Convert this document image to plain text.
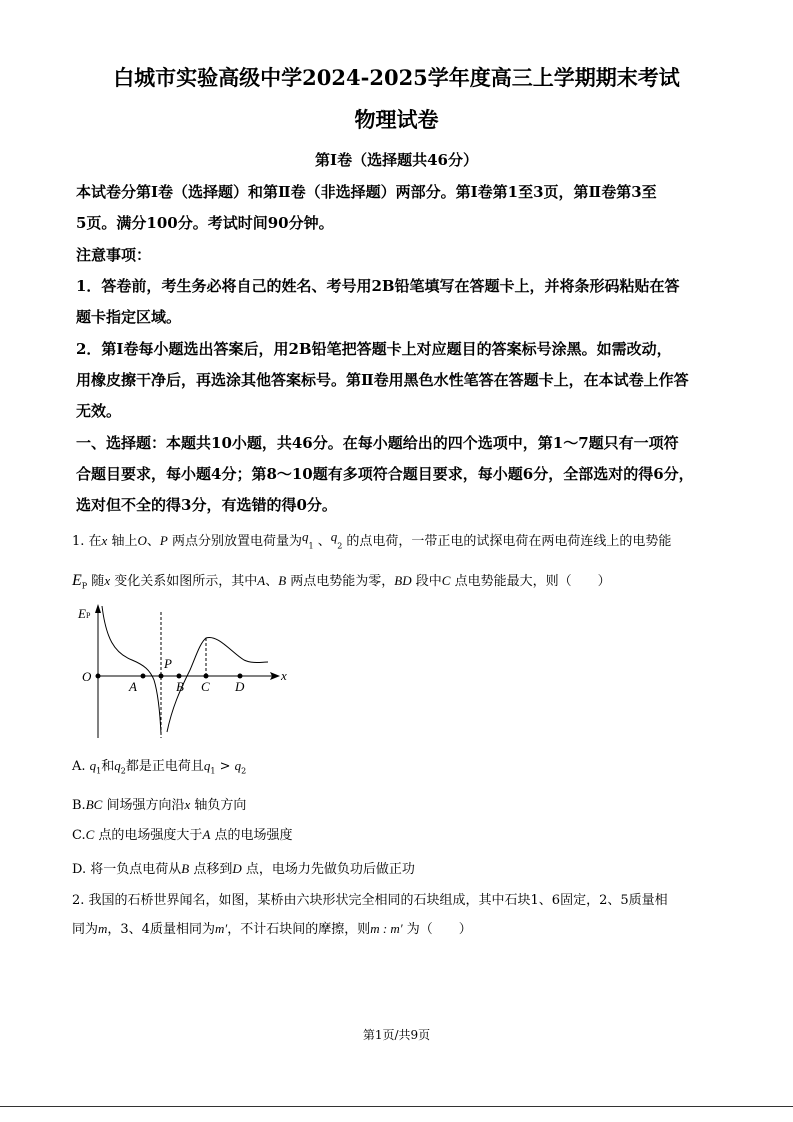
白城市实验高级中学2024-2025学年度高三上学期期末考试
物理试卷
第Ⅰ卷（选择题共46分）
本试卷分第Ⅰ卷（选择题）和第Ⅱ卷（非选择题）两部分。第Ⅰ卷第1至3页，第Ⅱ卷第3至
5页。满分100分。考试时间90分钟。
注意事项：
1．答卷前，考生务必将自己的姓名、考号用2B铅笔填写在答题卡上，并将条形码粘贴在答
题卡指定区域。
2．第Ⅰ卷每小题选出答案后，用2B铅笔把答题卡上对应题目的答案标号涂黑。如需改动，
用橡皮擦干净后，再选涂其他答案标号。第Ⅱ卷用黑色水性笔答在答题卡上，在本试卷上作答
无效。
一、选择题：本题共10小题，共46分。在每小题给出的四个选项中，第1～7题只有一项符
合题目要求，每小题4分；第8～10题有多项符合题目要求，每小题6分，全部选对的得6分，
选对但不全的得3分，有选错的得0分。
1. 在x 轴上O、P 两点分别放置电荷量为$q_1$ 、$q_2$ 的点电荷，一带正电的试探电荷在两电荷连线上的电势能
$E_P$ 随x 变化关系如图所示，其中A、B 两点电势能为零，BD 段中C 点电势能最大，则（　　）
EP
x
O
A
P
B C D
A. $q_1$和$q_2$都是正电荷且$q_1 > q_2$
B.BC 间场强方向沿x 轴负方向
C.C 点的电场强度大于A 点的电场强度
D. 将一负点电荷从B 点移到D 点，电场力先做负功后做正功
2. 我国的石桥世界闻名，如图，某桥由六块形状完全相同的石块组成，其中石块1、6固定，2、5质量相
同为m，3、4质量相同为m′，不计石块间的摩擦，则m : m′ 为（　　）
第1页/共9页
